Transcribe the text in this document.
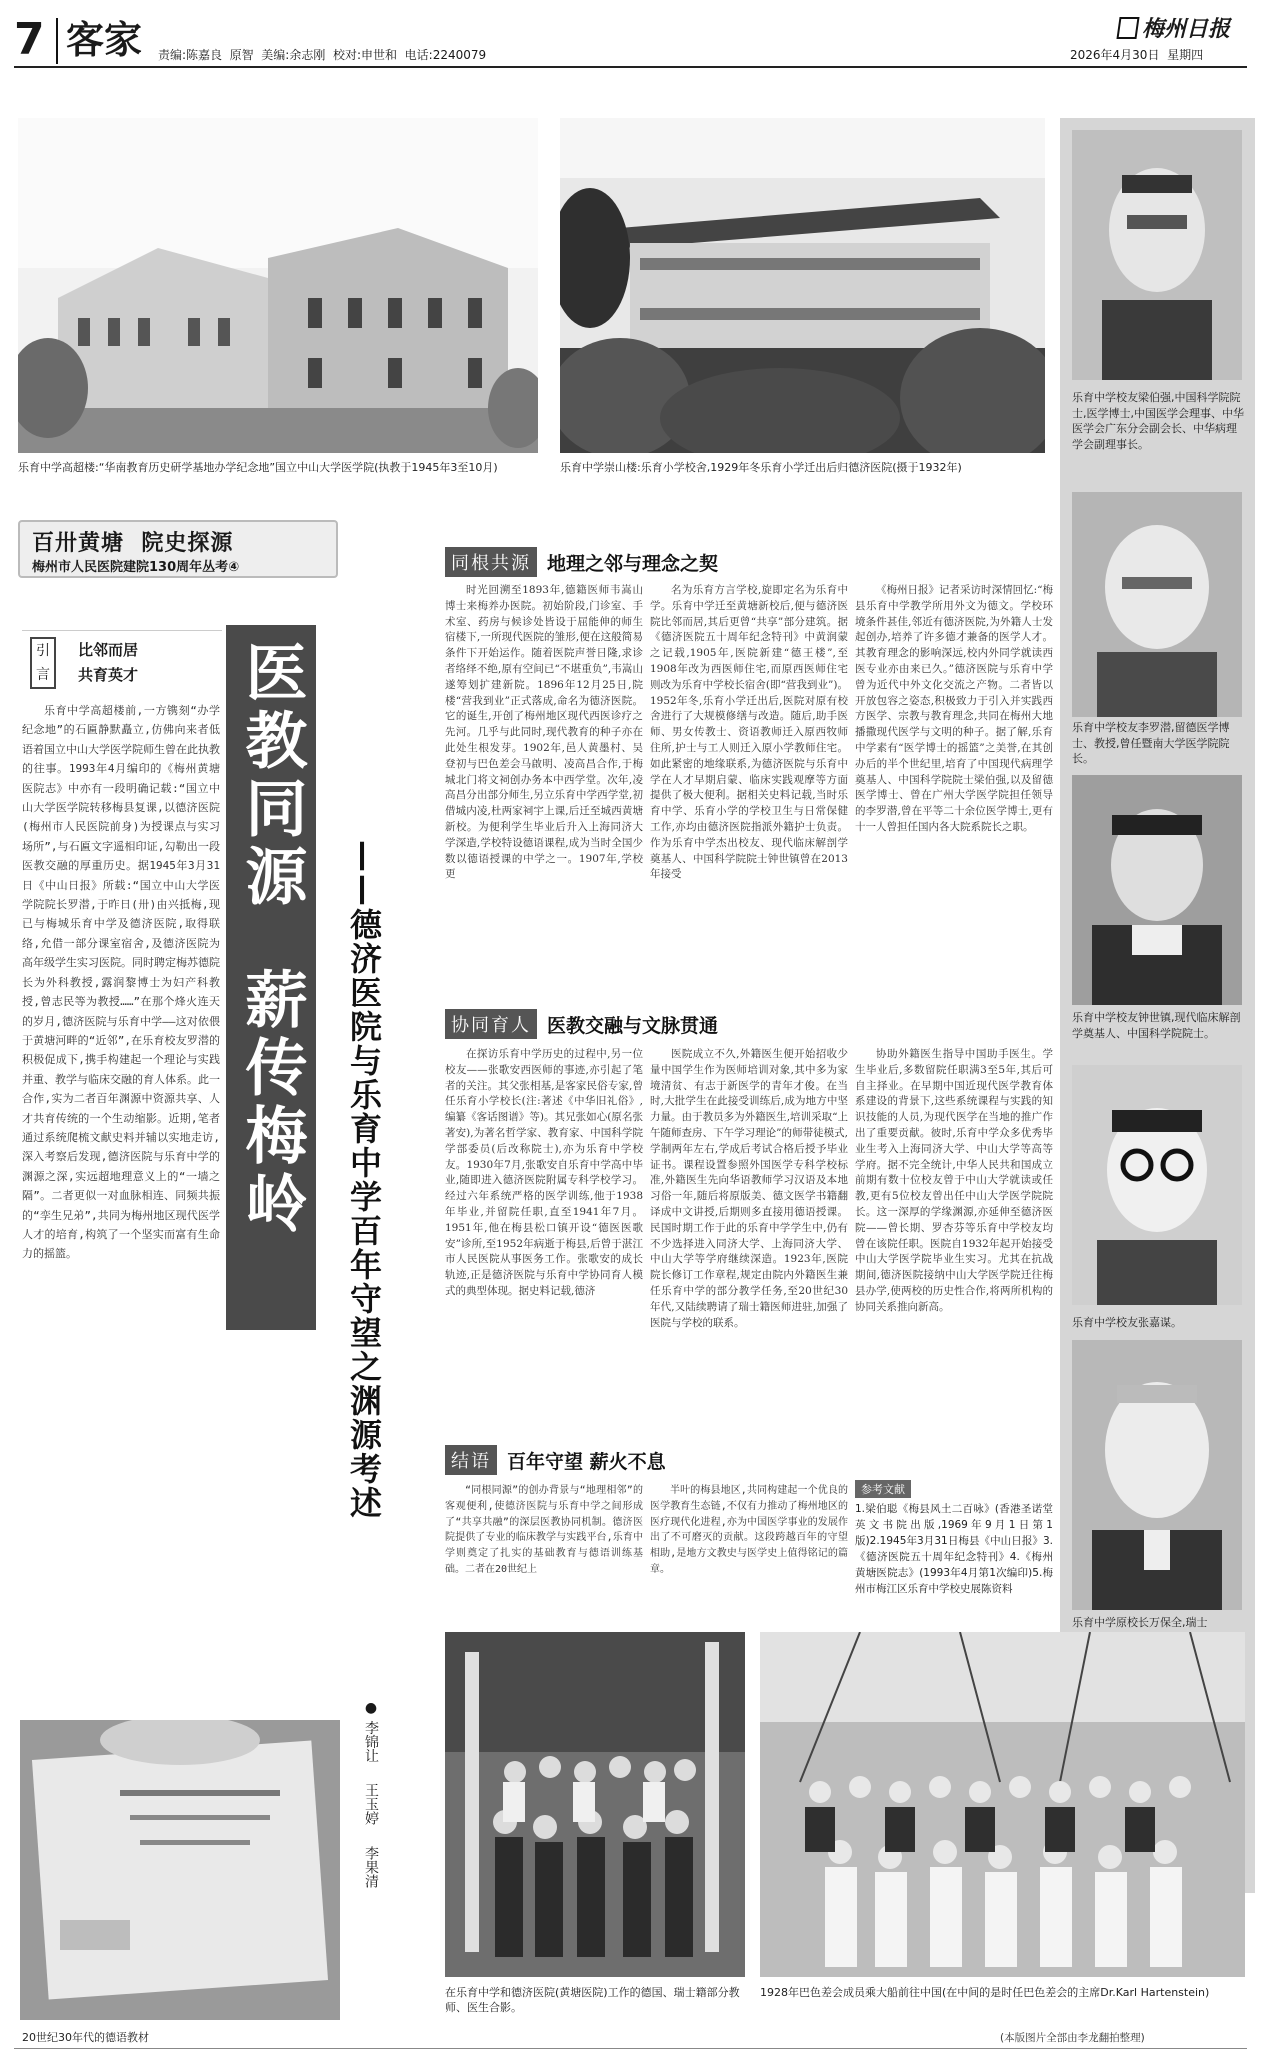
7 客家 责编:陈嘉良  原智  美编:余志刚  校对:申世和  电话:2240079
梅州日报
2026年4月30日  星期四
乐育中学高超楼:“华南教育历史研学基地办学纪念地”国立中山大学医学院(执教于1945年3至10月)	乐育中学崇山楼:乐育小学校舍,1929年冬乐育小学迁出后归德济医院(摄于1932年)
乐育中学校友梁伯强,中国科学院院士,医学博士,中国医学会理事、中华医学会广东分会副会长、中华病理学会副理事长。
乐育中学校友李罗潜,留德医学博士、教授,曾任暨南大学医学院院长。
乐育中学校友钟世镇,现代临床解剖学奠基人、中国科学院院士。
乐育中学校友张嘉谋。
乐育中学原校长万保全,瑞士
百卅黄塘  院史探源
梅州市人民医院建院130周年丛考④
引
言
比邻而居
共育英才

乐育中学高超楼前,一方镌刻“办学纪念地”的石匾静默矗立,仿佛向来者低语着国立中山大学医学院师生曾在此执教的往事。1993年4月编印的《梅州黄塘医院志》中亦有一段明确记载:“国立中山大学医学院转移梅县复课,以德济医院(梅州市人民医院前身)为授课点与实习场所”,与石匾文字遥相印证,勾勒出一段医教交融的厚重历史。据1945年3月31日《中山日报》所载:“国立中山大学医学院院长罗潜,于昨日(卅)由兴抵梅,现已与梅城乐育中学及德济医院,取得联络,允借一部分课室宿舍,及德济医院为高年级学生实习医院。同时聘定梅苏德院长为外科教授,露润黎博士为妇产科教授,曾志民等为教授……”在那个烽火连天的岁月,德济医院与乐育中学——这对依偎于黄塘河畔的“近邻”,在乐育校友罗潜的积极促成下,携手构建起一个理论与实践并重、教学与临床交融的育人体系。此一合作,实为二者百年渊源中资源共享、人才共育传统的一个生动缩影。近期,笔者通过系统爬梳文献史料并辅以实地走访,深入考察后发现,德济医院与乐育中学的渊源之深,实远超地理意义上的“一墙之隔”。二者更似一对血脉相连、同频共振的“孪生兄弟”,共同为梅州地区现代医学人才的培育,构筑了一个坚实而富有生命力的摇篮。

医教同源  薪传梅岭 ——德济医院与乐育中学百年守望之渊源考述
● 李锦让  王玉婷  李果清
20世纪30年代的德语教材
同根共源 地理之邻与理念之契

时光回溯至1893年,德籍医师韦嵩山博士来梅养办医院。初始阶段,门诊室、手术室、药房与候诊处皆设于屈能伸的师生宿楼下,一所现代医院的雏形,便在这般简易条件下开始运作。随着医院声誉日隆,求诊者络绎不绝,原有空间已“不堪重负”,韦嵩山遂筹划扩建新院。1896年12月25日,院楼“营我到业”正式落成,命名为德济医院。它的诞生,开创了梅州地区现代西医诊疗之先河。几乎与此同时,现代教育的种子亦在此处生根发芽。1902年,邑人黄墨村、吴登初与巴色差会马啟明、凌高昌合作,于梅城北门将文祠创办务本中西学堂。次年,凌高昌分出部分师生,另立乐育中学西学堂,初借城内凌,杜两家祠宇上课,后迁至城西黄塘新校。为便利学生毕业后升入上海同济大学深造,学校特设德语课程,成为当时全国少数以德语授课的中学之一。1907年,学校更

名为乐育方言学校,旋即定名为乐育中学。乐育中学迁至黄塘新校后,便与德济医院比邻而居,其后更曾“共享”部分建筑。据《德济医院五十周年纪念特刊》中黄润蒙之记载,1905年,医院新建“德王楼”,至1908年改为西医师住宅,而原西医师住宅则改为乐育中学校长宿舍(即“营我到业”)。1952年冬,乐育小学迁出后,医院对原有校舍进行了大规模修缮与改造。随后,助手医师、男女传教士、资语教师迁入原西牧师住所,护士与工人则迁入原小学教师住宅。如此紧密的地缘联系,为德济医院与乐育中学在人才早期启蒙、临床实践观摩等方面提供了极大便利。据相关史料记载,当时乐育中学、乐育小学的学校卫生与日常保健工作,亦均由德济医院指派外籍护士负责。作为乐育中学杰出校友、现代临床解剖学奠基人、中国科学院院士钟世镇曾在2013年接受

《梅州日报》记者采访时深情回忆:“梅县乐育中学教学所用外文为德文。学校环境条件甚佳,邻近有德济医院,为外籍人士发起创办,培养了许多德才兼备的医学人才。其教育理念的影响深远,校内外同学就读西医专业亦由来已久。”德济医院与乐育中学曾为近代中外文化交流之产物。二者皆以开放包容之姿态,积极致力于引入并实践西方医学、宗教与教育理念,共同在梅州大地播撒现代医学与文明的种子。据了解,乐育中学素有“医学博士的摇篮”之美誉,在其创办后的半个世纪里,培育了中国现代病理学奠基人、中国科学院院士梁伯强,以及留德医学博士、曾在广州大学医学院担任领导的李罗潜,曾在平等二十余位医学博士,更有十一人曾担任国内各大院系院长之职。

协同育人 医教交融与文脉贯通

在探访乐育中学历史的过程中,另一位校友——张歌安西医师的事迹,亦引起了笔者的关注。其父张相基,是客家民俗专家,曾任乐育小学校长(注:著述《中华旧礼俗》,编纂《客话图谱》等)。其兄张如心(原名张著安),为著名哲学家、教育家、中国科学院学部委员(后改称院士),亦为乐育中学校友。1930年7月,张歌安自乐育中学高中毕业,随即进入德济医院附属专科学校学习。经过六年系统严格的医学训练,他于1938年毕业,并留院任职,直至1941年7月。1951年,他在梅县松口镇开设“德医医歌安”诊所,至1952年病逝于梅县,后曾于湛江市人民医院从事医务工作。张歌安的成长轨迹,正是德济医院与乐育中学协同育人模式的典型体现。据史料记载,德济

医院成立不久,外籍医生便开始招收少量中国学生作为医师培训对象,其中多为家境清贫、有志于新医学的青年才俊。在当时,大批学生在此接受训练后,成为地方中坚力量。由于教员多为外籍医生,培训采取“上午随师查房、下午学习理论”的师带徒模式,学制两年左右,学成后考试合格后授予毕业证书。课程设置参照外国医学专科学校标准,外籍医生先向华语教师学习汉语及本地习俗一年,随后将原版美、德文医学书籍翻译成中文讲授,后期则多直接用德语授课。民国时期工作于此的乐育中学学生中,仍有不少选择进入同济大学、上海同济大学、中山大学等学府继续深造。1923年,医院院长修订工作章程,规定由院内外籍医生兼任乐育中学的部分教学任务,至20世纪30年代,又陆续聘请了瑞士籍医师进驻,加强了医院与学校的联系。

协助外籍医生指导中国助手医生。学生毕业后,多数留院任职满3至5年,其后可自主择业。在早期中国近现代医学教育体系建设的背景下,这些系统课程与实践的知识技能的人员,为现代医学在当地的推广作出了重要贡献。彼时,乐育中学众多优秀毕业生考入上海同济大学、中山大学等高等学府。据不完全统计,中华人民共和国成立前期有数十位校友曾于中山大学就读或任教,更有5位校友曾出任中山大学医学院院长。这一深厚的学缘渊源,亦延伸至德济医院——曾长期、罗杏芬等乐育中学校友均曾在该院任职。医院自1932年起开始接受中山大学医学院毕业生实习。尤其在抗战期间,德济医院接纳中山大学医学院迁往梅县办学,使两校的历史性合作,将两所机构的协同关系推向新高。

结语 百年守望 薪火不息

“同根同源”的创办背景与“地理相邻”的客观便利,使德济医院与乐育中学之间形成了“共享共融”的深层医教协同机制。德济医院提供了专业的临床教学与实践平台,乐育中学则奠定了扎实的基础教育与德语训练基础。二者在20世纪上

半叶的梅县地区,共同构建起一个优良的医学教育生态链,不仅有力推动了梅州地区的医疗现代化进程,亦为中国医学事业的发展作出了不可磨灭的贡献。这段跨越百年的守望相助,是地方文教史与医学史上值得铭记的篇章。

参考文献
1.梁伯聪《梅县风土二百咏》(香港圣诺堂英文书院出版,1969年9月1日第1版)2.1945年3月31日梅县《中山日报》3.《德济医院五十周年纪念特刊》4.《梅州黄塘医院志》(1993年4月第1次编印)5.梅州市梅江区乐育中学校史展陈资料
在乐育中学和德济医院(黄塘医院)工作的德国、瑞士籍部分教师、医生合影。
1928年巴色差会成员乘大船前往中国(在中间的是时任巴色差会的主席Dr.Karl Hartenstein)
(本版图片全部由李龙翻拍整理)
